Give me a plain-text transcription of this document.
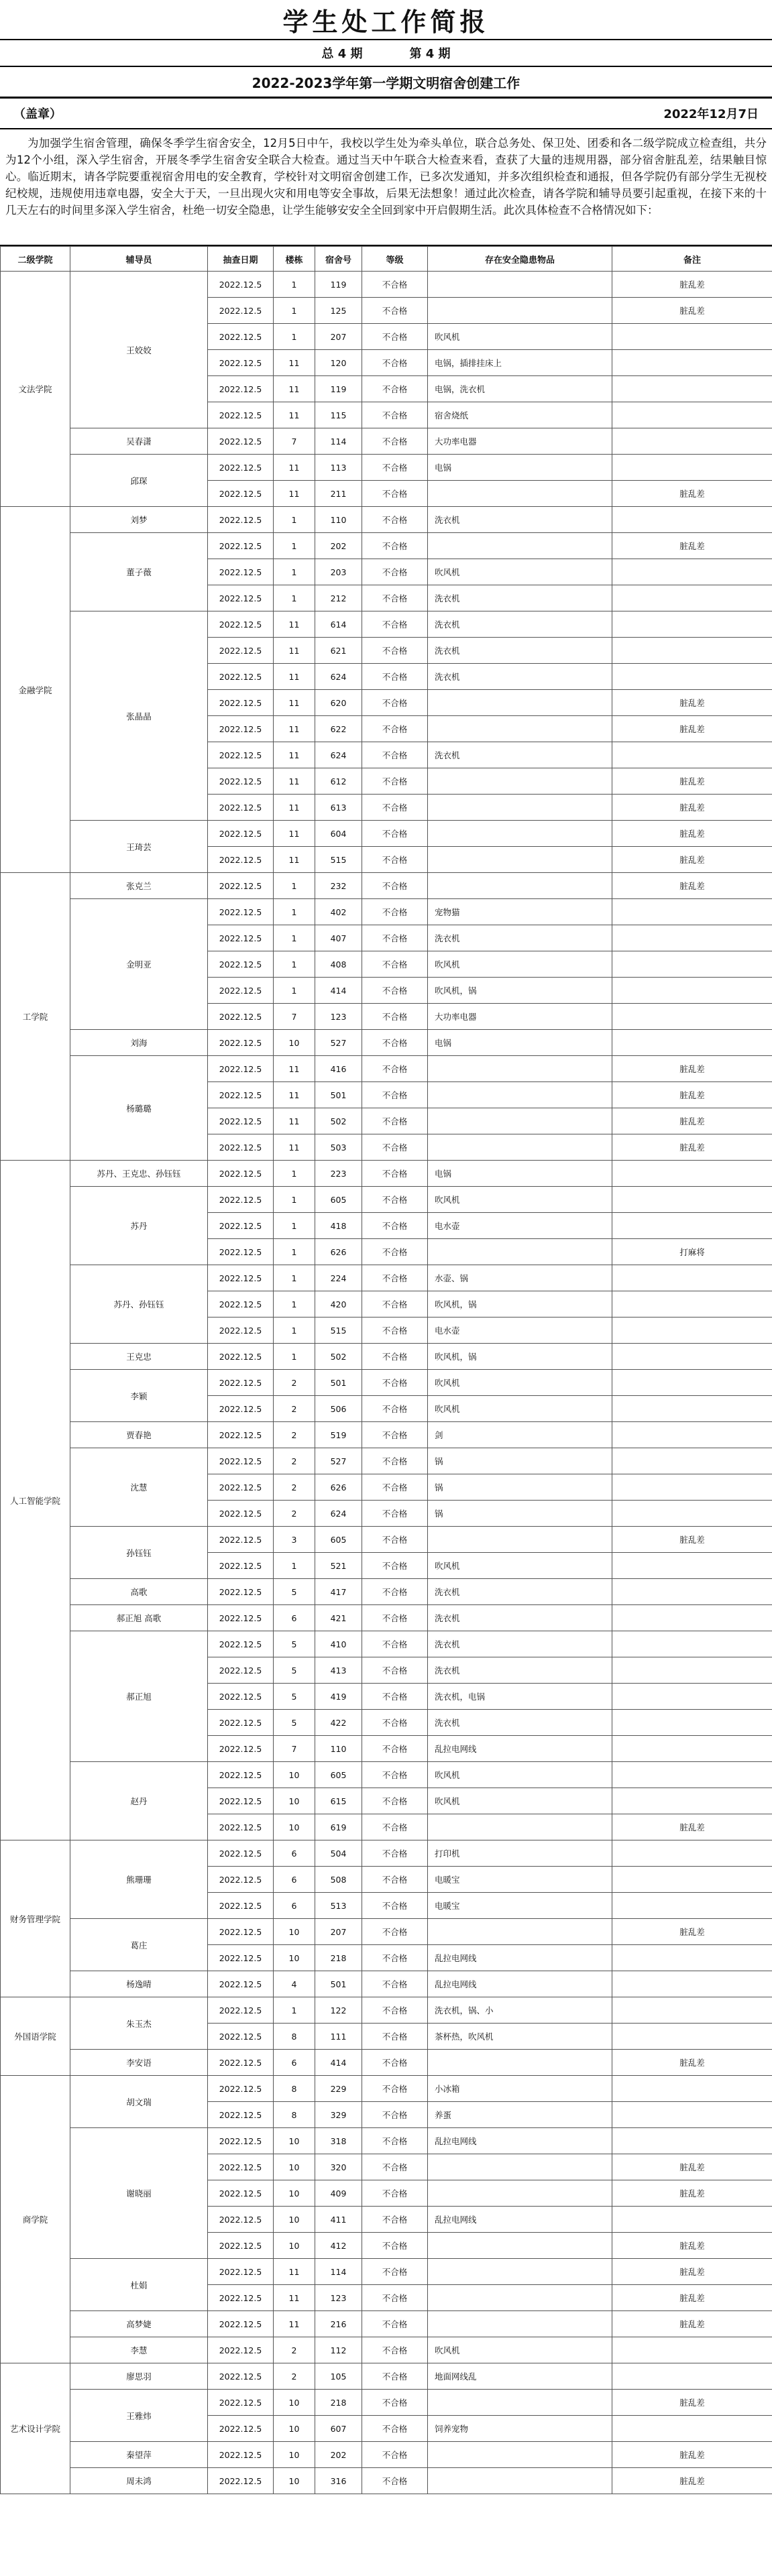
学生处工作简报
总 4 期	第 4 期
2022-2023学年第一学期文明宿舍创建工作
（盖章）	2022年12月7日
为加强学生宿舍管理，确保冬季学生宿舍安全，12月5日中午，我校以学生处为牵头单位，联合总务处、保卫处、团委和各二级学院成立检查组，共分为12个小组，深入学生宿舍，开展冬季学生宿舍安全联合大检查。通过当天中午联合大检查来看，查获了大量的违规用器，部分宿舍脏乱差，结果触目惊心。临近期末，请各学院要重视宿舍用电的安全教育，学校针对文明宿舍创建工作，已多次发通知，并多次组织检查和通报，但各学院仍有部分学生无视校纪校规，违规使用违章电器，安全大于天，一旦出现火灾和用电等安全事故，后果无法想象！通过此次检查，请各学院和辅导员要引起重视，在接下来的十几天左右的时间里多深入学生宿舍，杜绝一切安全隐患，让学生能够安安全全回到家中开启假期生活。此次具体检查不合格情况如下：
二级学院	辅导员	抽查日期	楼栋	宿舍号	等级	存在安全隐患物品	备注
文法学院	王姣姣	2022.12.5	1	119	不合格		脏乱差
		2022.12.5	1	125	不合格		脏乱差
		2022.12.5	1	207	不合格	吹风机	
		2022.12.5	11	120	不合格	电锅，插排挂床上	
		2022.12.5	11	119	不合格	电锅，洗衣机	
		2022.12.5	11	115	不合格	宿舍烧纸	
	吴春潇	2022.12.5	7	114	不合格	大功率电器	
	邱琛	2022.12.5	11	113	不合格	电锅	
		2022.12.5	11	211	不合格		脏乱差
金融学院	刘梦	2022.12.5	1	110	不合格	洗衣机	
	董子薇	2022.12.5	1	202	不合格		脏乱差
		2022.12.5	1	203	不合格	吹风机	
		2022.12.5	1	212	不合格	洗衣机	
	张晶晶	2022.12.5	11	614	不合格	洗衣机	
		2022.12.5	11	621	不合格	洗衣机	
		2022.12.5	11	624	不合格	洗衣机	
		2022.12.5	11	620	不合格		脏乱差
		2022.12.5	11	622	不合格		脏乱差
		2022.12.5	11	624	不合格	洗衣机	
		2022.12.5	11	612	不合格		脏乱差
		2022.12.5	11	613	不合格		脏乱差
	王琦芸	2022.12.5	11	604	不合格		脏乱差
		2022.12.5	11	515	不合格		脏乱差
工学院	张克兰	2022.12.5	1	232	不合格		脏乱差
	金明亚	2022.12.5	1	402	不合格	宠物猫	
		2022.12.5	1	407	不合格	洗衣机	
		2022.12.5	1	408	不合格	吹风机	
		2022.12.5	1	414	不合格	吹风机，锅	
		2022.12.5	7	123	不合格	大功率电器	
	刘海	2022.12.5	10	527	不合格	电锅	
	杨璐璐	2022.12.5	11	416	不合格		脏乱差
		2022.12.5	11	501	不合格		脏乱差
		2022.12.5	11	502	不合格		脏乱差
		2022.12.5	11	503	不合格		脏乱差
人工智能学院	苏丹、王克忠、孙钰钰	2022.12.5	1	223	不合格	电锅	
	苏丹	2022.12.5	1	605	不合格	吹风机	
		2022.12.5	1	418	不合格	电水壶	
		2022.12.5	1	626	不合格		打麻将
	苏丹、孙钰钰	2022.12.5	1	224	不合格	水壶、锅	
		2022.12.5	1	420	不合格	吹风机，锅	
		2022.12.5	1	515	不合格	电水壶	
	王克忠	2022.12.5	1	502	不合格	吹风机，锅	
	李颖	2022.12.5	2	501	不合格	吹风机	
		2022.12.5	2	506	不合格	吹风机	
	贾春艳	2022.12.5	2	519	不合格	剑	
	沈慧	2022.12.5	2	527	不合格	锅	
		2022.12.5	2	626	不合格	锅	
		2022.12.5	2	624	不合格	锅	
	孙钰钰	2022.12.5	3	605	不合格		脏乱差
		2022.12.5	1	521	不合格	吹风机	
	高歌	2022.12.5	5	417	不合格	洗衣机	
	郝正旭 高歌	2022.12.5	6	421	不合格	洗衣机	
	郝正旭	2022.12.5	5	410	不合格	洗衣机	
		2022.12.5	5	413	不合格	洗衣机	
		2022.12.5	5	419	不合格	洗衣机，电锅	
		2022.12.5	5	422	不合格	洗衣机	
		2022.12.5	7	110	不合格	乱拉电网线	
	赵丹	2022.12.5	10	605	不合格	吹风机	
		2022.12.5	10	615	不合格	吹风机	
		2022.12.5	10	619	不合格		脏乱差
财务管理学院	熊珊珊	2022.12.5	6	504	不合格	打印机	
		2022.12.5	6	508	不合格	电暖宝	
		2022.12.5	6	513	不合格	电暖宝	
	葛庄	2022.12.5	10	207	不合格		脏乱差
		2022.12.5	10	218	不合格	乱拉电网线	
	杨逸晴	2022.12.5	4	501	不合格	乱拉电网线	
外国语学院	朱玉杰	2022.12.5	1	122	不合格	洗衣机，锅、小	
		2022.12.5	8	111	不合格	茶杯热，吹风机	
	李安语	2022.12.5	6	414	不合格		脏乱差
商学院	胡文瑞	2022.12.5	8	229	不合格	小冰箱	
		2022.12.5	8	329	不合格	养蛋	
	谢晓丽	2022.12.5	10	318	不合格	乱拉电网线	
		2022.12.5	10	320	不合格		脏乱差
		2022.12.5	10	409	不合格		脏乱差
		2022.12.5	10	411	不合格	乱拉电网线	
		2022.12.5	10	412	不合格		脏乱差
	杜娟	2022.12.5	11	114	不合格		脏乱差
		2022.12.5	11	123	不合格		脏乱差
	高梦婕	2022.12.5	11	216	不合格		脏乱差
	李慧	2022.12.5	2	112	不合格	吹风机	
艺术设计学院	廖思羽	2022.12.5	2	105	不合格	地面网线乱	
	王雅炜	2022.12.5	10	218	不合格		脏乱差
		2022.12.5	10	607	不合格	饲养宠物	
	秦望萍	2022.12.5	10	202	不合格		脏乱差
	周未鸿	2022.12.5	10	316	不合格		脏乱差
